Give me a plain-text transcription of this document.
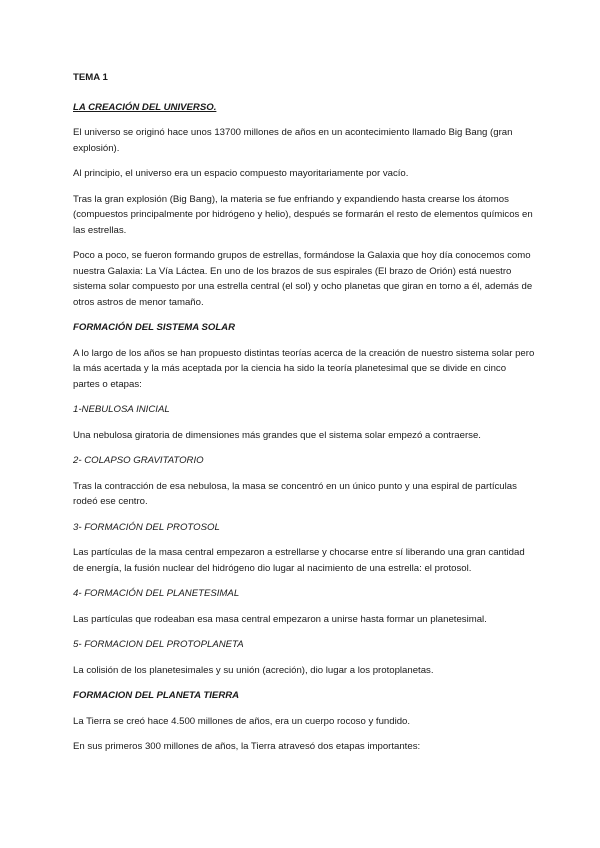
TEMA 1
LA CREACIÓN DEL UNIVERSO.
El universo se originó hace unos 13700 millones de años en un acontecimiento llamado Big Bang (gran explosión).
Al principio, el universo era un espacio compuesto mayoritariamente por vacío.
Tras la gran explosión (Big Bang), la materia se fue enfriando y expandiendo hasta crearse los átomos (compuestos principalmente por hidrógeno y helio), después se formarán el resto de elementos químicos en las estrellas.
Poco a poco, se fueron formando grupos de estrellas, formándose la Galaxia que hoy día conocemos como nuestra Galaxia: La Vía Láctea. En uno de los brazos de sus espirales (El brazo de Orión) está nuestro sistema solar compuesto por una estrella central (el sol) y ocho planetas que giran en torno a él, además de otros astros de menor tamaño.
FORMACIÓN DEL SISTEMA SOLAR
A lo largo de los años se han propuesto distintas teorías acerca de la creación de nuestro sistema solar pero la más acertada y la más aceptada por la ciencia ha sido la teoría planetesimal que se divide en cinco partes o etapas:
1-NEBULOSA INICIAL
Una nebulosa giratoria de dimensiones más grandes que el sistema solar empezó a contraerse.
2- COLAPSO GRAVITATORIO
Tras la contracción de esa nebulosa, la masa se concentró en un único punto y una espiral de partículas rodeó ese centro.
3- FORMACIÓN DEL PROTOSOL
Las partículas de la masa central empezaron a estrellarse y chocarse entre sí liberando una gran cantidad de energía, la fusión nuclear del hidrógeno dio lugar al nacimiento de una estrella: el protosol.
4- FORMACIÓN DEL PLANETESIMAL
Las partículas que rodeaban esa masa central empezaron a unirse hasta formar un planetesimal.
5- FORMACION DEL PROTOPLANETA
La colisión de los planetesimales y su unión (acreción), dio lugar a los protoplanetas.
FORMACION DEL PLANETA TIERRA
La Tierra se creó hace 4.500 millones de años, era un cuerpo rocoso y fundido.
En sus primeros 300 millones de años, la Tierra atravesó dos etapas importantes:
